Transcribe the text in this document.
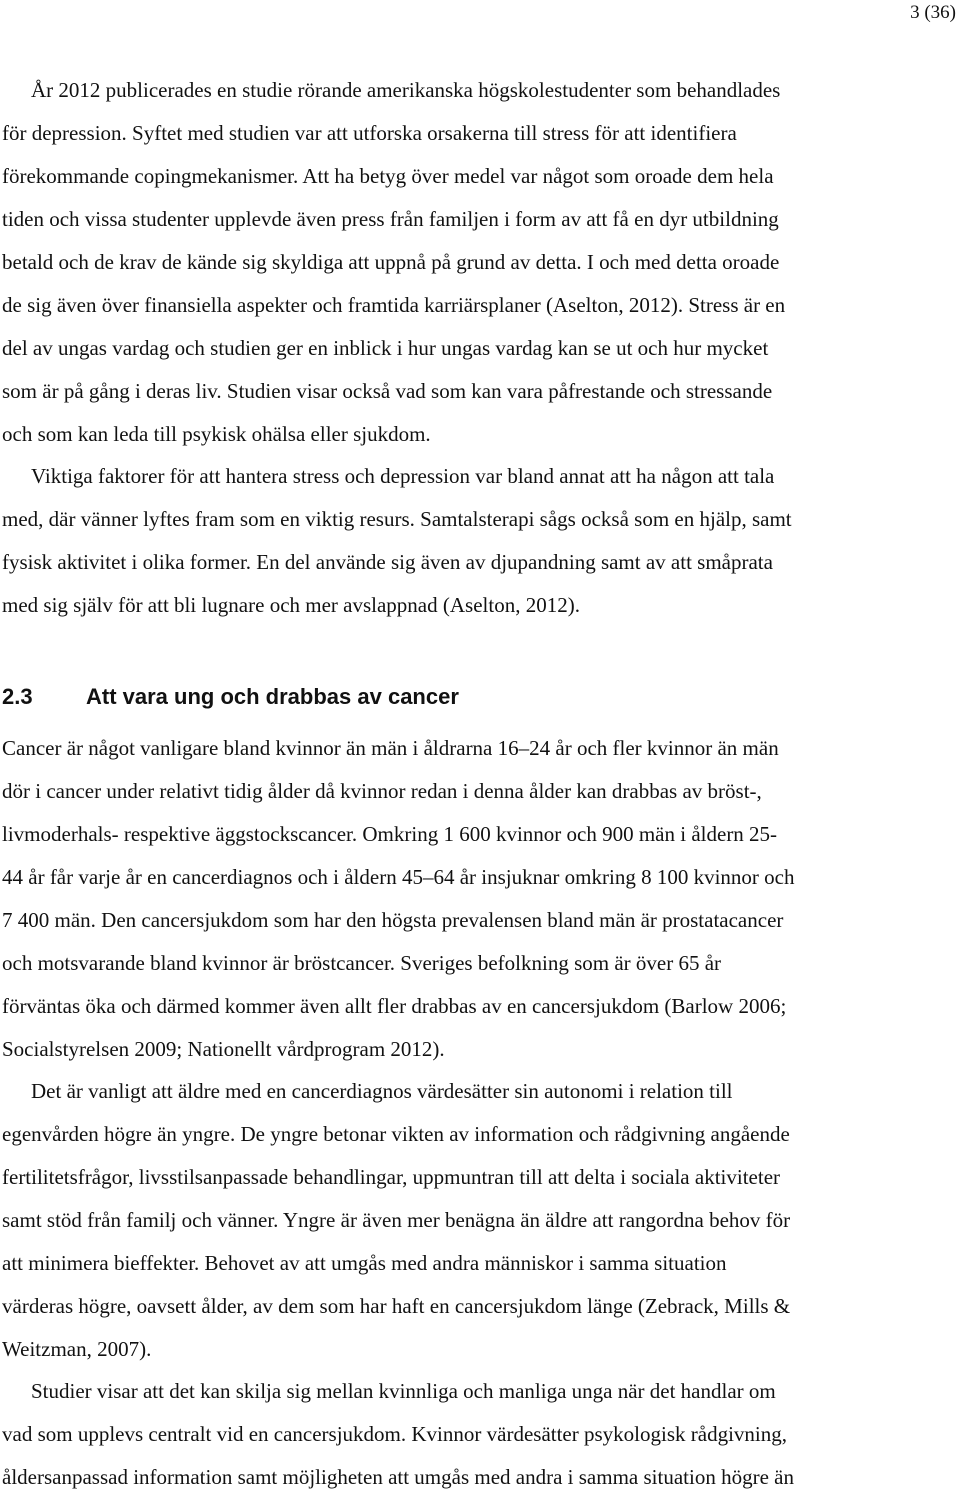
3 (36)
År 2012 publicerades en studie rörande amerikanska högskolestudenter som behandlades
för depression. Syftet med studien var att utforska orsakerna till stress för att identifiera
förekommande copingmekanismer. Att ha betyg över medel var något som oroade dem hela
tiden och vissa studenter upplevde även press från familjen i form av att få en dyr utbildning
betald och de krav de kände sig skyldiga att uppnå på grund av detta. I och med detta oroade
de sig även över finansiella aspekter och framtida karriärsplaner (Aselton, 2012). Stress är en
del av ungas vardag och studien ger en inblick i hur ungas vardag kan se ut och hur mycket
som är på gång i deras liv. Studien visar också vad som kan vara påfrestande och stressande
och som kan leda till psykisk ohälsa eller sjukdom.
Viktiga faktorer för att hantera stress och depression var bland annat att ha någon att tala
med, där vänner lyftes fram som en viktig resurs. Samtalsterapi sågs också som en hjälp, samt
fysisk aktivitet i olika former. En del använde sig även av djupandning samt av att småprata
med sig själv för att bli lugnare och mer avslappnad (Aselton, 2012).
2.3 Att vara ung och drabbas av cancer
Cancer är något vanligare bland kvinnor än män i åldrarna 16–24 år och fler kvinnor än män
dör i cancer under relativt tidig ålder då kvinnor redan i denna ålder kan drabbas av bröst-,
livmoderhals- respektive äggstockscancer. Omkring 1 600 kvinnor och 900 män i åldern 25-
44 år får varje år en cancerdiagnos och i åldern 45–64 år insjuknar omkring 8 100 kvinnor och
7 400 män. Den cancersjukdom som har den högsta prevalensen bland män är prostatacancer
och motsvarande bland kvinnor är bröstcancer. Sveriges befolkning som är över 65 år
förväntas öka och därmed kommer även allt fler drabbas av en cancersjukdom (Barlow 2006;
Socialstyrelsen 2009; Nationellt vårdprogram 2012).
Det är vanligt att äldre med en cancerdiagnos värdesätter sin autonomi i relation till
egenvården högre än yngre. De yngre betonar vikten av information och rådgivning angående
fertilitetsfrågor, livsstilsanpassade behandlingar, uppmuntran till att delta i sociala aktiviteter
samt stöd från familj och vänner. Yngre är även mer benägna än äldre att rangordna behov för
att minimera bieffekter. Behovet av att umgås med andra människor i samma situation
värderas högre, oavsett ålder, av dem som har haft en cancersjukdom länge (Zebrack, Mills &
Weitzman, 2007).
Studier visar att det kan skilja sig mellan kvinnliga och manliga unga när det handlar om
vad som upplevs centralt vid en cancersjukdom. Kvinnor värdesätter psykologisk rådgivning,
åldersanpassad information samt möjligheten att umgås med andra i samma situation högre än
